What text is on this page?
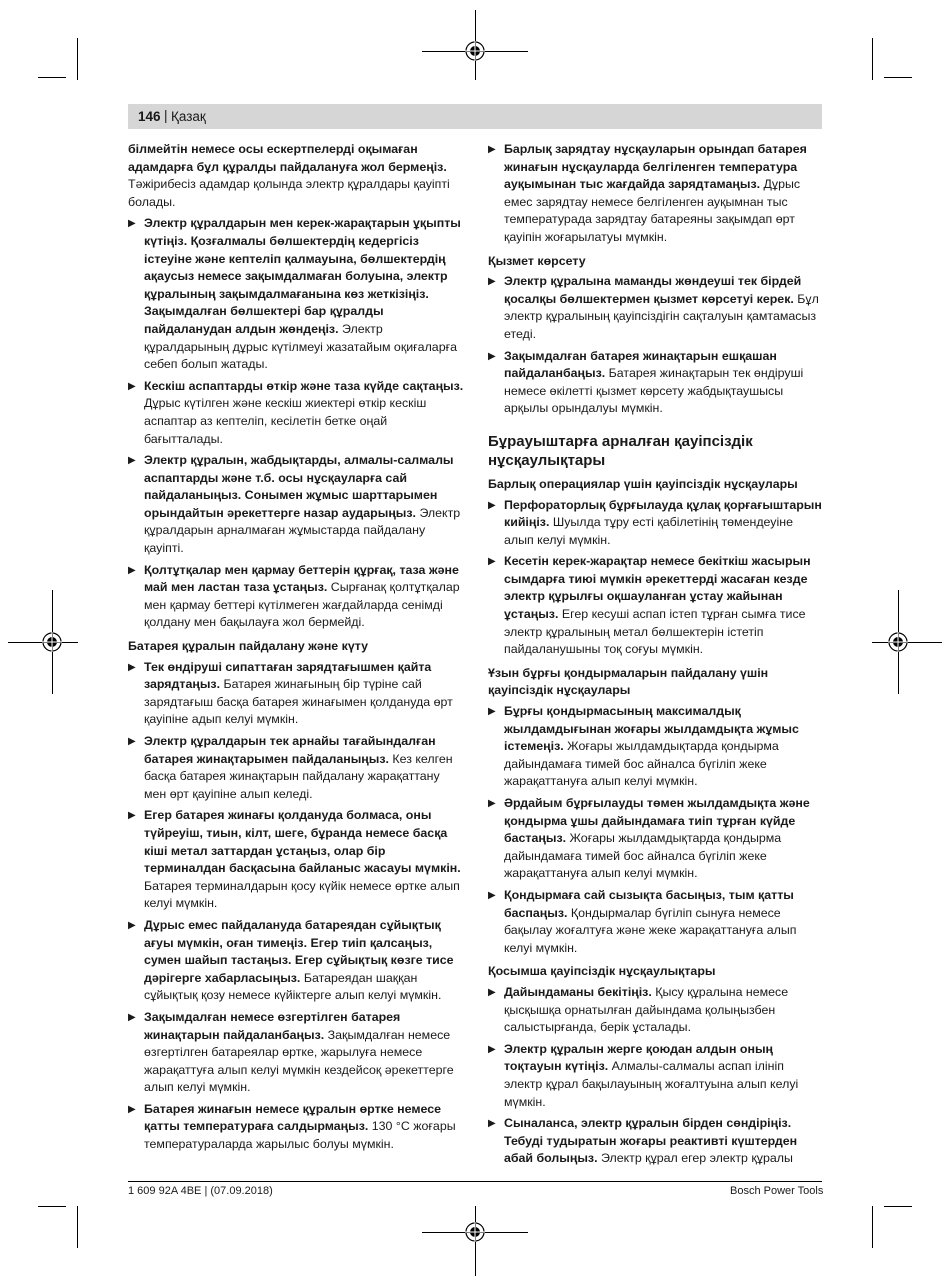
146 | Қазақ
білмейтін немесе осы ескертпелерді оқымаған адамдарға бұл құралды пайдалануға жол бермеңіз. Тәжірибесіз адамдар қолында электр құралдары қауіпті болады.
▶ Электр құралдарын мен керек-жарақтарын ұқыпты күтіңіз. Қозғалмалы бөлшектердің кедергісіз істеуіне және кептеліп қалмауына, бөлшектердің ақаусыз немесе зақымдалмаған болуына, электр құралының зақымдалмағанына көз жеткізіңіз. Зақымдалған бөлшектері бар құралды пайдаланудан алдын жөндеңіз. Электр құралдарының дұрыс күтілмеуі жазатайым оқиғаларға себеп болып жатады.
▶ Кескіш аспаптарды өткір және таза күйде сақтаңыз. Дұрыс күтілген және кескіш жиектері өткір кескіш аспаптар аз кептеліп, кесілетін бетке оңай бағытталады.
▶ Электр құралын, жабдықтарды, алмалы-салмалы аспаптарды және т.б. осы нұсқауларға сай пайдаланыңыз. Сонымен жұмыс шарттарымен орындайтын әрекеттерге назар аударыңыз. Электр құралдарын арналмаған жұмыстарда пайдалану қауіпті.
▶ Қолтұтқалар мен қармау беттерін құрғақ, таза және май мен ластан таза ұстаңыз. Сырғанақ қолтұтқалар мен қармау беттері күтілмеген жағдайларда сенімді қолдану мен бақылауға жол бермейді.
Батарея құралын пайдалану және күту
▶ Тек өндіруші сипаттаған зарядтағышмен қайта зарядтаңыз. Батарея жинағының бір түріне сай зарядтағыш басқа батарея жинағымен қолдануда өрт қауіпіне адып келуі мүмкін.
▶ Электр құралдарын тек арнайы тағайындалған батарея жинақтарымен пайдаланыңыз. Кез келген басқа батарея жинақтарын пайдалану жарақаттану мен өрт қауіпіне алып келеді.
▶ Егер батарея жинағы қолдануда болмаса, оны түйреуіш, тиын, кілт, шеге, бұранда немесе басқа кіші метал заттардан ұстаңыз, олар бір терминалдан басқасына байланыс жасауы мүмкін. Батарея терминалдарын қосу күйік немесе өртке алып келуі мүмкін.
▶ Дұрыс емес пайдалануда батареядан сұйықтық ағуы мүмкін, оған тимеңіз. Егер тиіп қалсаңыз, сумен шайып тастаңыз. Егер сұйықтық көзге тисе дәрігерге хабарласыңыз. Батареядан шаққан сұйықтық қозу немесе күйіктерге алып келуі мүмкін.
▶ Зақымдалған немесе өзгертілген батарея жинақтарын пайдаланбаңыз. Зақымдалған немесе өзгертілген батареялар өртке, жарылуға немесе жарақаттуға алып келуі мүмкін кездейсоқ әрекеттерге алып келуі мүмкін.
▶ Батарея жинағын немесе құралын өртке немесе қатты температураға салдырмаңыз. 130 °C жоғары температураларда жарылыс болуы мүмкін.
▶ Барлық зарядтау нұсқауларын орындап батарея жинағын нұсқауларда белгіленген температура ауқымынан тыс жағдайда зарядтамаңыз. Дұрыс емес зарядтау немесе белгіленген ауқымнан тыс температурада зарядтау батареяны зақымдап өрт қауіпін жоғарылатуы мүмкін.
Қызмет көрсету
▶ Электр құралына маманды жөндеуші тек бірдей қосалқы бөлшектермен қызмет көрсетуі керек. Бұл электр құралының қауіпсіздігін сақталуын қамтамасыз етеді.
▶ Зақымдалған батарея жинақтарын ешқашан пайдаланбаңыз. Батарея жинақтарын тек өндіруші немесе өкілетті қызмет көрсету жабдықтаушысы арқылы орындалуы мүмкін.
Бұрауыштарға арналған қауіпсіздік нұсқаулықтары
Барлық операциялар үшін қауіпсіздік нұсқаулары
▶ Перфораторлық бұрғылауда құлақ қорғағыштарын кийіңіз. Шуылда тұру есті қабілетінің төмендеуіне алып келуі мүмкін.
▶ Кесетін керек-жарақтар немесе бекіткіш жасырын сымдарға тиюі мүмкін әрекеттерді жасаған кезде электр құрылғы оқшауланған ұстау жайынан ұстаңыз. Егер кесуші аспап істеп тұрған сымға тисе электр құралының метал бөлшектерін істетіп пайдаланушыны тоқ соғуы мүмкін.
Ұзын бұрғы қондырмаларын пайдалану үшін қауіпсіздік нұсқаулары
▶ Бұрғы қондырмасының максималдық жылдамдығынан жоғары жылдамдықта жұмыс істемеңіз. Жоғары жылдамдықтарда қондырма дайындамаға тимей бос айналса бүгіліп жеке жарақаттануға алып келуі мүмкін.
▶ Әрдайым бұрғылауды төмен жылдамдықта және қондырма ұшы дайындамаға тиіп тұрған күйде бастаңыз. Жоғары жылдамдықтарда қондырма дайындамаға тимей бос айналса бүгіліп жеке жарақаттануға алып келуі мүмкін.
▶ Қондырмаға сай сызықта басыңыз, тым қатты баспаңыз. Қондырмалар бүгіліп сынуға немесе бақылау жоғалтуға және жеке жарақаттануға алып келуі мүмкін.
Қосымша қауіпсіздік нұсқаулықтары
▶ Дайындаманы бекітіңіз. Қысу құралына немесе қысқышқа орнатылған дайындама қолыңызбен салыстырғанда, берік ұсталады.
▶ Электр құралын жерге қоюдан алдын оның тоқтауын күтіңіз. Алмалы-салмалы аспап ілініп электр құрал бақылауының жоғалтуына алып келуі мүмкін.
▶ Сыналанса, электр құралын бірден сөндіріңіз. Тебуді тудыратын жоғары реактивті күштерден абай болыңыз. Электр құрал егер электр құралы
1 609 92A 4BE | (07.09.2018)	Bosch Power Tools
